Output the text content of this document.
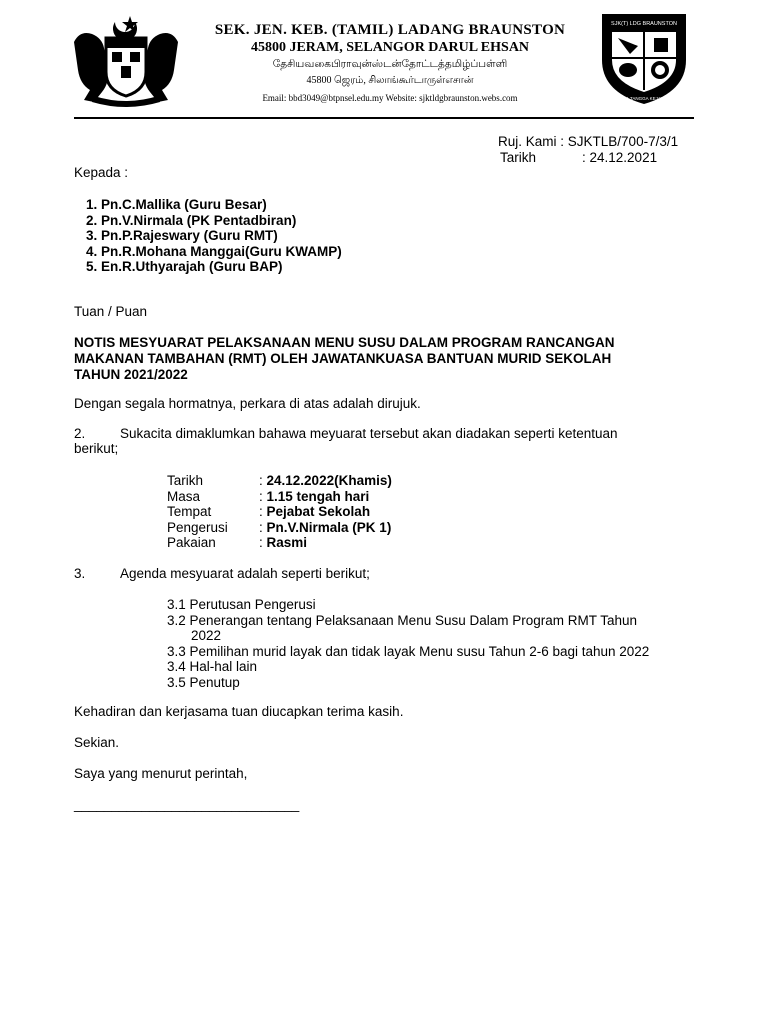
SEK. JEN. KEB. (TAMIL) LADANG BRAUNSTON
45800 JERAM, SELANGOR DARUL EHSAN
தேசியவகைபிராவுன்ஸ்டன்தோட்டத்தமிழ்ப்பள்ளி
45800 ஜெரம், சிலாங்கூர்டாருள்எசான்
Email: bbd3049@btpnsel.edu.my Website: sjktldgbraunston.webs.com
SJK(T) LDG BRAUNSTON
SEDIA TANGGA KEJAYAAN
Ruj. Kami : SJKTLB/700-7/3/1
Tarikh	: 24.12.2021
Kepada :
1. Pn.C.Mallika (Guru Besar)
2. Pn.V.Nirmala (PK Pentadbiran)
3. Pn.P.Rajeswary (Guru RMT)
4. Pn.R.Mohana Manggai(Guru KWAMP)
5. En.R.Uthyarajah (Guru BAP)
Tuan / Puan
NOTIS MESYUARAT PELAKSANAAN MENU SUSU DALAM PROGRAM RANCANGAN
MAKANAN TAMBAHAN (RMT) OLEH JAWATANKUASA BANTUAN MURID SEKOLAH
TAHUN 2021/2022
Dengan segala hormatnya, perkara di atas adalah dirujuk.
2.	Sukacita dimaklumkan bahawa meyuarat tersebut akan diadakan seperti ketentuan
berikut;
Tarikh	: 24.12.2022(Khamis)
Masa	: 1.15 tengah hari
Tempat	: Pejabat Sekolah
Pengerusi : Pn.V.Nirmala (PK 1)
Pakaian	: Rasmi
3.	Agenda mesyuarat adalah seperti berikut;
3.1 Perutusan Pengerusi
3.2 Penerangan tentang Pelaksanaan Menu Susu Dalam Program RMT Tahun
2022
3.3 Pemilihan murid layak dan tidak layak Menu susu Tahun 2-6 bagi tahun 2022
3.4 Hal-hal lain
3.5 Penutup
Kehadiran dan kerjasama tuan diucapkan terima kasih.
Sekian.
Saya yang menurut perintah,
______________________________
